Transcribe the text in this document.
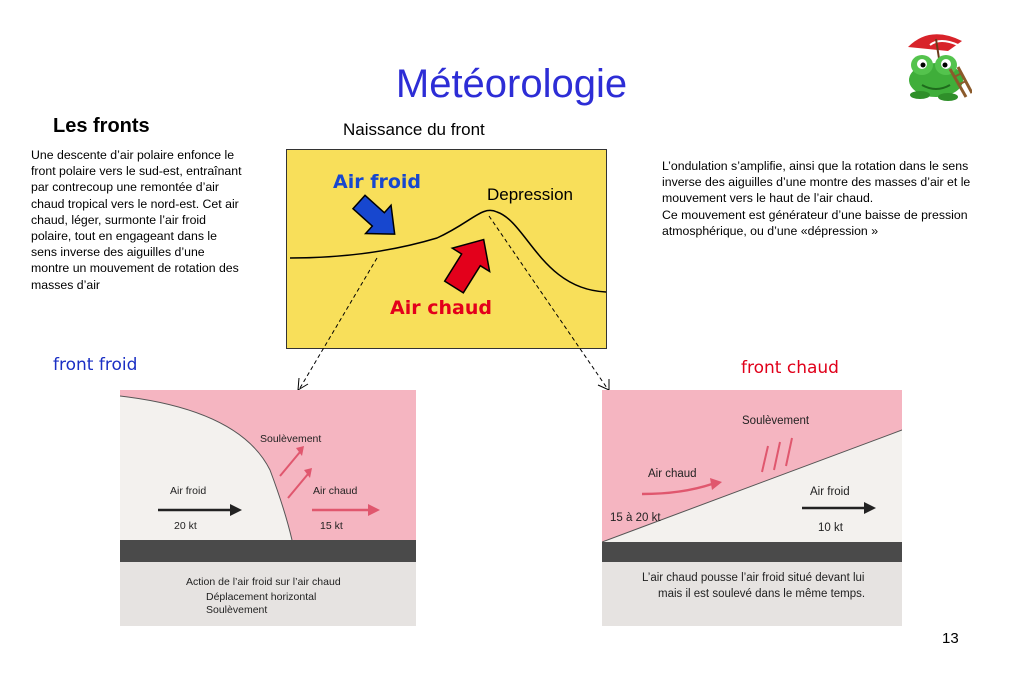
Météorologie
Les fronts
Une descente d’air polaire enfonce le front polaire vers le sud-est, entraînant par contrecoup une remontée d’air chaud tropical vers le nord-est. Cet air chaud, léger, surmonte l’air froid polaire, tout en engageant dans le sens inverse des aiguilles d’une montre un mouvement de rotation des masses d’air
L’ondulation s’amplifie, ainsi que la rotation dans le sens inverse des aiguilles d’une montre des masses d’air et le mouvement vers le haut de l’air chaud.
Ce mouvement est générateur d’une baisse de pression atmosphérique, ou d’une «dépression »
Naissance du front
Air froid
Depression
Air chaud
front froid	front chaud
Soulèvement
Air froid
20 kt
Air chaud
15 kt
Action de l’air froid sur l’air chaud
Déplacement horizontal
Soulèvement
Soulèvement
Air chaud
15 à 20 kt
Air froid
10 kt
L’air chaud pousse l’air froid situé devant lui
mais il est soulevé dans le même temps.
13
